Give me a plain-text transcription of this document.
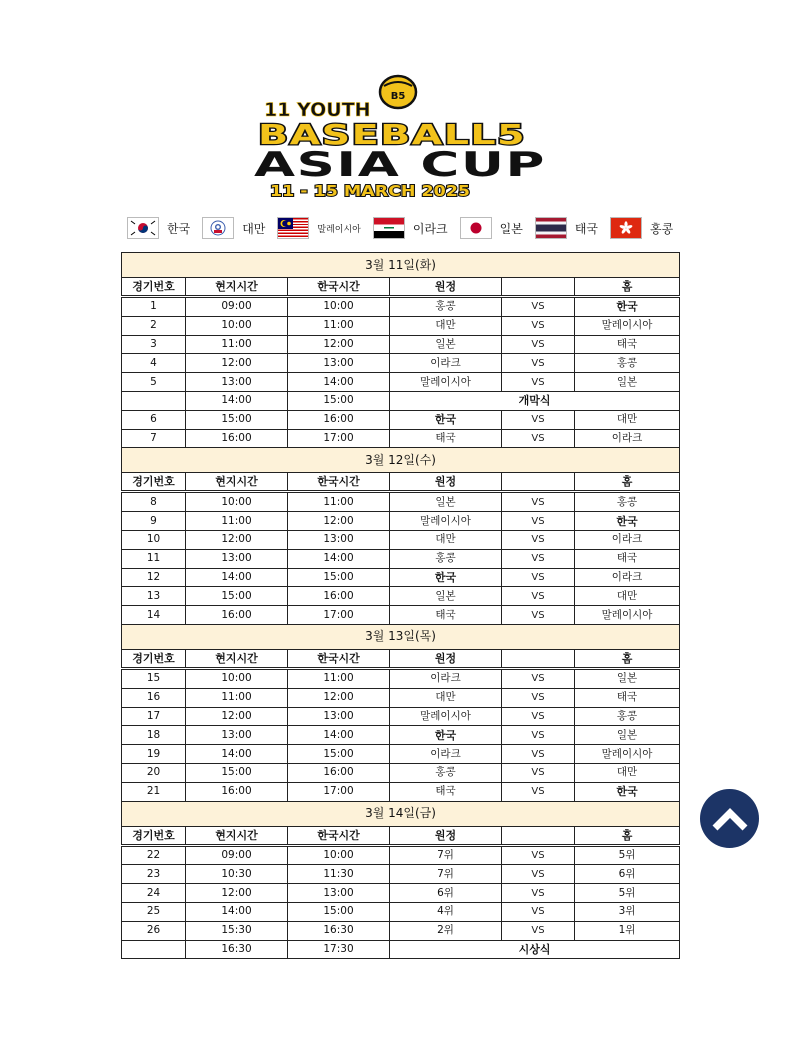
B5
11 YOUTH
BASEBALL5
ASIA CUP
11 - 15 MARCH 2025
한국	대만	말레이시아	이라크	일본	태국	홍콩
3월 11일(화)					
경기번호	현지시간	한국시간	원정		홈
1	09:00	10:00	홍콩	VS	한국
2	10:00	11:00	대만	VS	말레이시아
3	11:00	12:00	일본	VS	태국
4	12:00	13:00	이라크	VS	홍콩
5	13:00	14:00	말레이시아	VS	일본
	14:00	15:00	개막식		
6	15:00	16:00	한국	VS	대만
7	16:00	17:00	태국	VS	이라크
3월 12일(수)					
경기번호	현지시간	한국시간	원정		홈
8	10:00	11:00	일본	VS	홍콩
9	11:00	12:00	말레이시아	VS	한국
10	12:00	13:00	대만	VS	이라크
11	13:00	14:00	홍콩	VS	태국
12	14:00	15:00	한국	VS	이라크
13	15:00	16:00	일본	VS	대만
14	16:00	17:00	태국	VS	말레이시아
3월 13일(목)					
경기번호	현지시간	한국시간	원정		홈
15	10:00	11:00	이라크	VS	일본
16	11:00	12:00	대만	VS	태국
17	12:00	13:00	말레이시아	VS	홍콩
18	13:00	14:00	한국	VS	일본
19	14:00	15:00	이라크	VS	말레이시아
20	15:00	16:00	홍콩	VS	대만
21	16:00	17:00	태국	VS	한국
3월 14일(금)					
경기번호	현지시간	한국시간	원정		홈
22	09:00	10:00	7위	VS	5위
23	10:30	11:30	7위	VS	6위
24	12:00	13:00	6위	VS	5위
25	14:00	15:00	4위	VS	3위
26	15:30	16:30	2위	VS	1위
	16:30	17:30	시상식		
